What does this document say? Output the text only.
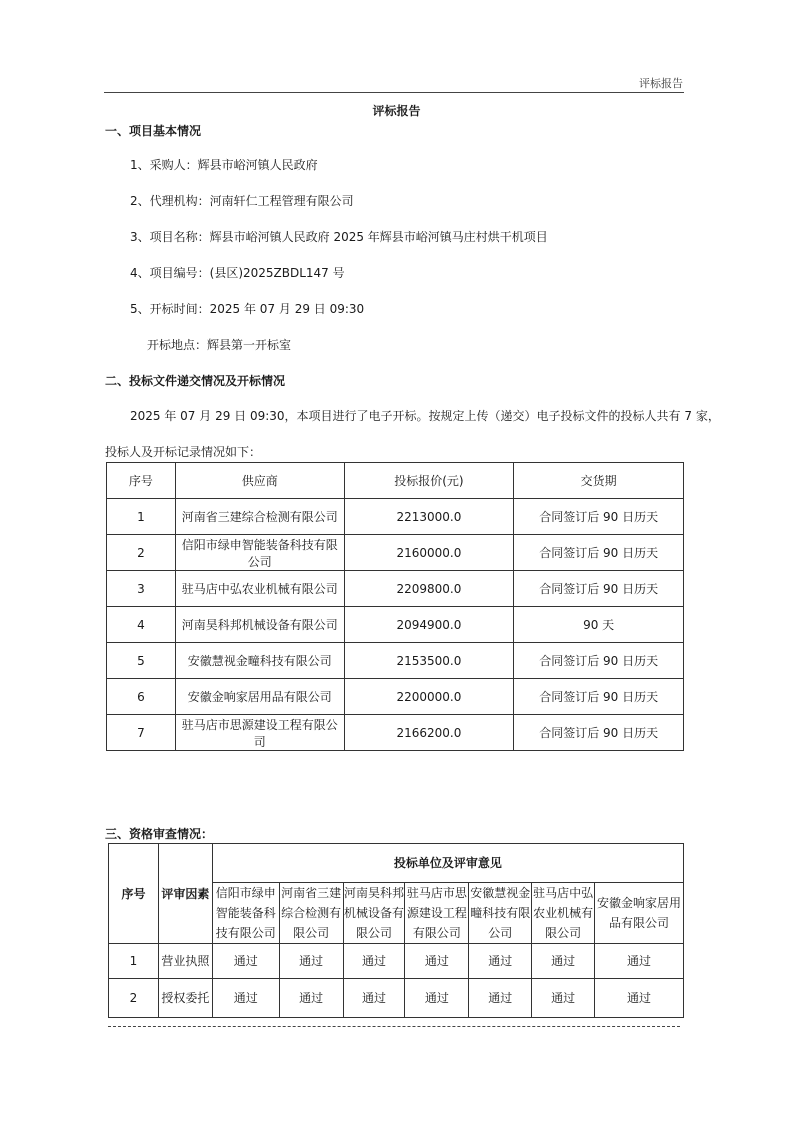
评标报告
评标报告
一、项目基本情况
1、采购人：辉县市峪河镇人民政府
2、代理机构：河南轩仁工程管理有限公司
3、项目名称：辉县市峪河镇人民政府 2025 年辉县市峪河镇马庄村烘干机项目
4、项目编号：(县区)2025ZBDL147 号
5、开标时间：2025 年 07 月 29 日 09:30
开标地点：辉县第一开标室
二、投标文件递交情况及开标情况
2025 年 07 月 29 日 09:30，本项目进行了电子开标。按规定上传（递交）电子投标文件的投标人共有 7 家，
投标人及开标记录情况如下：
序号	供应商	投标报价(元)	交货期
1	河南省三建综合检测有限公司	2213000.0	合同签订后 90 日历天
2	信阳市绿申智能装备科技有限公司	2160000.0	合同签订后 90 日历天
3	驻马店中弘农业机械有限公司	2209800.0	合同签订后 90 日历天
4	河南昊科邦机械设备有限公司	2094900.0	90 天
5	安徽慧视金疃科技有限公司	2153500.0	合同签订后 90 日历天
6	安徽金响家居用品有限公司	2200000.0	合同签订后 90 日历天
7	驻马店市思源建设工程有限公司	2166200.0	合同签订后 90 日历天
三、资格审查情况：
序号	评审因素	投标单位及评审意见						
		信阳市绿申智能装备科技有限公司	河南省三建综合检测有限公司	河南昊科邦机械设备有限公司	驻马店市思源建设工程有限公司	安徽慧视金疃科技有限公司	驻马店中弘农业机械有限公司	安徽金响家居用品有限公司
1	营业执照	通过	通过	通过	通过	通过	通过	通过
2	授权委托	通过	通过	通过	通过	通过	通过	通过
